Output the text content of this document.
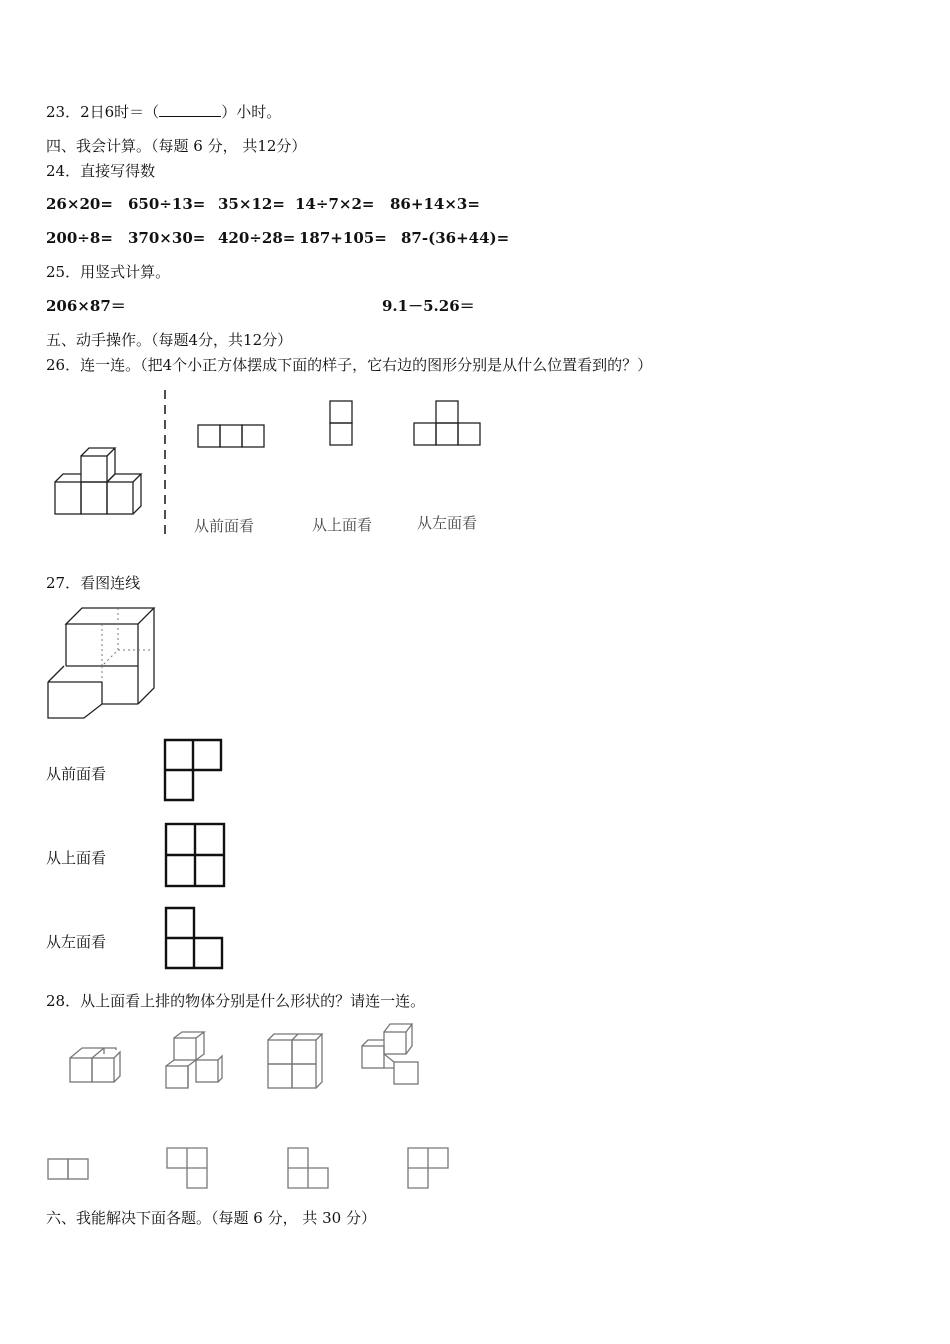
23．2日6时＝（	）小时。
四、我会计算。（每题 6 分， 共12分）
24．直接写得数
26×20= 650÷13= 35×12= 14÷7×2= 86+14×3=
200÷8= 370×30= 420÷28= 187+105= 87-(36+44)=
25．用竖式计算。
206×87＝	9.1－5.26＝
五、动手操作。（每题4分，共12分）
26．连一连。（把4个小正方体摆成下面的样子，它右边的图形分别是从什么位置看到的？）
从前面看	从上面看	从左面看
27．看图连线
从前面看
从上面看
从左面看
28．从上面看上排的物体分别是什么形状的？请连一连。
六、我能解决下面各题。（每题 6 分， 共 30 分）
